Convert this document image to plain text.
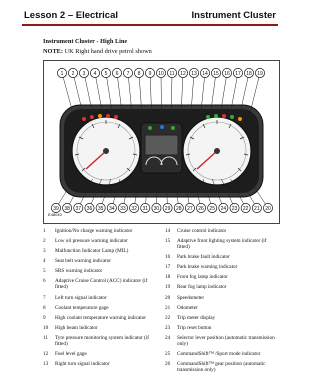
Lesson 2 – Electrical	Instrument Cluster
Instrument Cluster - High Line
NOTE: UK Right hand drive petrol shown
1 2 3 4 5 6 7 8 9 10 11 12 13 14 15 16 17 18 19
39 38 37 36 35 34 33 32 31 30 29 28 27 26 25 24 23 22 21 20
E48040
1	Ignition/No charge warning indicator
2	Low oil pressure warning indicator
3	Malfunction Indicator Lamp (MIL)
4	Seat belt warning indicator
5	SRS warning indicator
6	Adaptive Cruise Control (ACC) indicator (if fitted)
7	Left turn signal indicator
8	Coolant temperature gage
9	High coolant temperature warning indicator
10	High beam indicator
11	Tyre pressure monitoring system indicator (if fitted)
12	Fuel level gage
13	Right turn signal indicator
14	Cruise control indicator
15	Adaptive front lighting system indicator (if fitted)
16	Park brake fault indicator
17	Park brake warning indicator
18	Front fog lamp indicator
19	Rear fog lamp indicator
20	Speedometer
21	Odometer
22	Trip meter display
23	Trip reset button
24	Selector lever position (automatic transmission only)
25	CommandShift™ /Sport mode indicator
26	CommandShift™ gear position (automatic transmission only)
